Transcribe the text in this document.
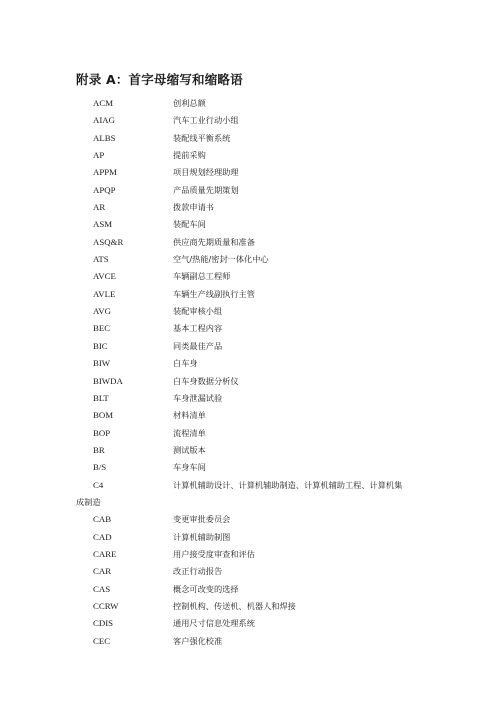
附录 A：首字母缩写和缩略语
ACM	创利总额
AIAG	汽车工业行动小组
ALBS	装配线平衡系统
AP	提前采购
APPM	项目规划经理助理
APQP	产品质量先期策划
AR	拨款申请书
ASM	装配车间
ASQ&R	供应商先期质量和准备
ATS	空气/热能/密封一体化中心
AVCE	车辆副总工程师
AVLE	车辆生产线副执行主管
AVG	装配审核小组
BEC	基本工程内容
BIC	同类最佳产品
BIW	白车身
BIWDA	白车身数据分析仪
BLT	车身泄漏试验
BOM	材料清单
BOP	流程清单
BR	测试版本
B/S	车身车间
C4	计算机辅助设计、计算机辅助制造、计算机辅助工程、计算机集
成制造
CAB	变更审批委员会
CAD	计算机辅助制图
CARE	用户接受度审查和评估
CAR	改正行动报告
CAS	概念可改变的选择
CCRW	控制机构、传送机、机器人和焊接
CDIS	通用尺寸信息处理系统
CEC	客户强化校准
